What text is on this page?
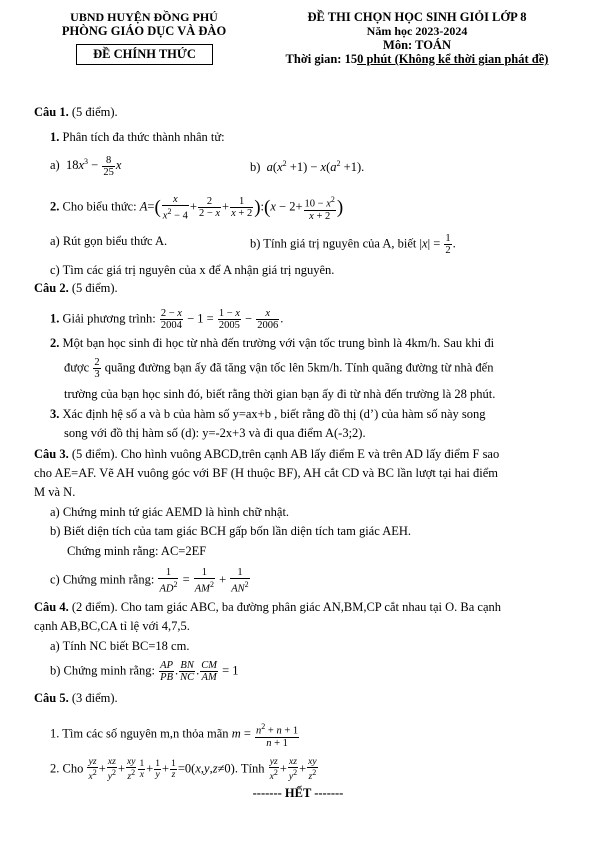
UBND HUYỆN ĐỒNG PHÚ
PHÒNG GIÁO DỤC VÀ ĐÀO
ĐỀ CHÍNH THỨC
ĐỀ THI CHỌN HỌC SINH GIỎI LỚP 8
Năm học 2023-2024
Môn: TOÁN
Thời gian: 150 phút (Không kể thời gian phát đề)
Câu 1. (5 điểm).
1. Phân tích đa thức thành nhân tử:
a)  $18x^3 - \frac{8}{25}$ x	b) $a(x^2 +1) - x(a^2 +1)$.
2. Cho biểu thức: $A=( \frac{x}{x^2 - 4} + \frac{2}{2 - x} + \frac{1}{x + 2}$ ):(x − $2+ \frac{10 - x^2}{x + 2}$ )
a) Rút gọn biểu thức A.	b) Tính giá trị nguyên của A, biết $|x| = \frac{1}{2}$ .
c) Tìm các giá trị nguyên của x để A nhận giá trị nguyên.
Câu 2. (5 điểm).
1. Giải phương trình: $\frac{2 - x}{2004} - 1 = \frac{1 - x}{2005} - \frac{x}{2006}$ .
2. Một bạn học sinh đi học từ nhà đến trường với vận tốc trung bình là 4km/h. Sau khi đi
được $\frac{2}{3}$ quãng đường bạn ấy đã tăng vận tốc lên 5km/h. Tính quãng đường từ nhà đến
trường của bạn học sinh đó, biết rằng thời gian bạn ấy đi từ nhà đến trường là 28 phút.
3. Xác định hệ số a và b của hàm số y=ax+b , biết rằng đồ thị (d’) của hàm số này song
song với đồ thị hàm số (d): y=-2x+3 và đi qua điểm A(-3;2).
Câu 3. (5 điểm). Cho hình vuông ABCD,trên cạnh AB lấy điểm E và trên AD lấy điểm F sao
cho AE=AF. Vẽ AH vuông góc với BF (H thuộc BF), AH cắt CD và BC lần lượt tại hai điểm
M và N.
a) Chứng minh tứ giác AEMD là hình chữ nhật.
b) Biết diện tích của tam giác BCH gấp bốn lần diện tích tam giác AEH.
Chứng minh rằng: AC=2EF
c) Chứng minh rằng: $\frac{1}{AD^2} = \frac{1}{AM^2} + \frac{1}{AN^2}$
Câu 4. (2 điểm). Cho tam giác ABC, ba đường phân giác AN,BM,CP cắt nhau tại O. Ba cạnh
cạnh AB,BC,CA tỉ lệ với 4,7,5.
a) Tính NC biết BC=18 cm.
b) Chứng minh rằng: $\frac{AP}{PB}$ . $\frac{BN}{NC}$ . $\frac{CM}{AM} = 1$
Câu 5. (3 điểm).
1. Tìm các số nguyên m,n thỏa mãn $m = \frac{n^2 + n + 1}{n + 1}$
2. Cho $\frac{yz}{x^2} + \frac{xz}{y^2} + \frac{xy}{z^2} \frac{1}{x} + \frac{1}{y} + \frac{1}{z} =0(x,y,z\ne 0)$. Tính $\frac{yz}{x^2} + \frac{xz}{y^2} + \frac{xy}{z^2}$
------- HẾT -------
